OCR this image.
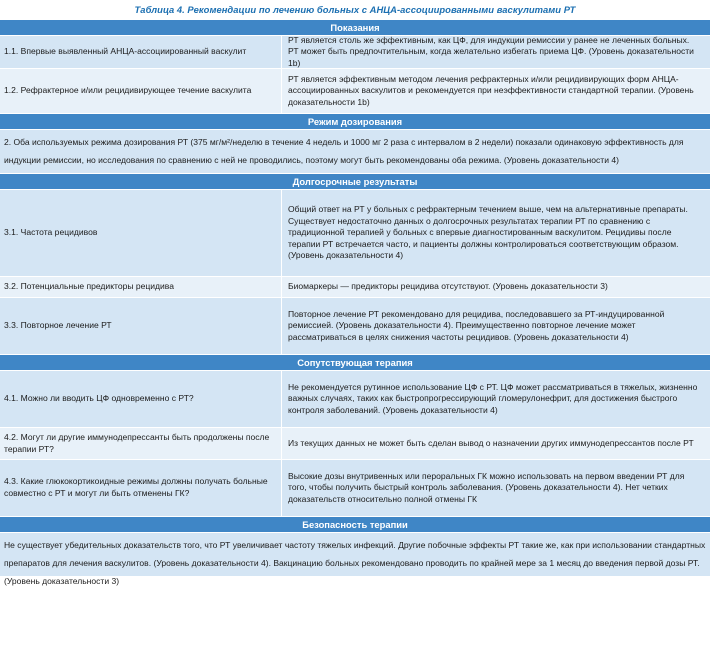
Таблица 4. Рекомендации по лечению больных с АНЦА-ассоциированными васкулитами РТ
Показания
1.1. Впервые выявленный АНЦА-ассоциированный васкулит
РТ является столь же эффективным, как ЦФ, для индукции ремиссии у ранее не леченных больных. РТ может быть предпочтительным, когда желательно избегать приема ЦФ. (Уровень доказательности 1b)
1.2. Рефрактерное и/или рецидивирующее течение васкулита
РТ является эффективным методом лечения рефрактерных и/или рецидивирующих форм АНЦА-ассоциированных васкулитов и рекомендуется при неэффективности стандартной терапии. (Уровень доказательности 1b)
Режим дозирования
2. Оба используемых режима дозирования РТ (375 мг/м²/неделю в течение 4 недель и 1000 мг 2 раза с интервалом в 2 недели) показали одинаковую эффективность для индукции ремиссии, но исследования по сравнению с ней не проводились, поэтому могут быть рекомендованы оба режима. (Уровень доказательности 4)
Долгосрочные результаты
3.1. Частота рецидивов
Общий ответ на РТ у больных с рефрактерным течением выше, чем на альтернативные препараты. Существует недостаточно данных о долгосрочных результатах терапии РТ по сравнению с традиционной терапией у больных с впервые диагностированным васкулитом. Рецидивы после терапии РТ встречается часто, и пациенты должны контролироваться соответствующим образом. (Уровень доказательности 4)
3.2. Потенциальные предикторы рецидива	Биомаркеры — предикторы рецидива отсутствуют. (Уровень доказательности 3)
3.3. Повторное лечение РТ
Повторное лечение РТ рекомендовано для рецидива, последовавшего за РТ-индуцированной ремиссией. (Уровень доказательности 4). Преимущественно повторное лечение может рассматриваться в целях снижения частоты рецидивов. (Уровень доказательности 4)
Сопутствующая терапия
4.1. Можно ли вводить ЦФ одновременно с РТ?
Не рекомендуется рутинное использование ЦФ с РТ. ЦФ может рассматриваться в тяжелых, жизненно важных случаях, таких как быстропрогрессирующий гломерулонефрит, для достижения быстрого контроля заболеваний. (Уровень доказательности 4)
4.2. Могут ли другие иммунодепрессанты быть продолжены после терапии РТ?
Из текущих данных не может быть сделан вывод о назначении других иммунодепрессантов после РТ
4.3. Какие глюкокортикоидные режимы должны получать больные совместно с РТ и могут ли быть отменены ГК?
Высокие дозы внутривенных или пероральных ГК можно использовать на первом введении РТ для того, чтобы получить быстрый контроль заболевания. (Уровень доказательности 4). Нет четких доказательств относительно полной отмены ГК
Безопасность терапии
Не существует убедительных доказательств того, что РТ увеличивает частоту тяжелых инфекций. Другие побочные эффекты РТ такие же, как при использовании стандартных препаратов для лечения васкулитов. (Уровень доказательности 4). Вакцинацию больных рекомендовано проводить по крайней мере за 1 месяц до введения первой дозы РТ. (Уровень доказательности 3)
